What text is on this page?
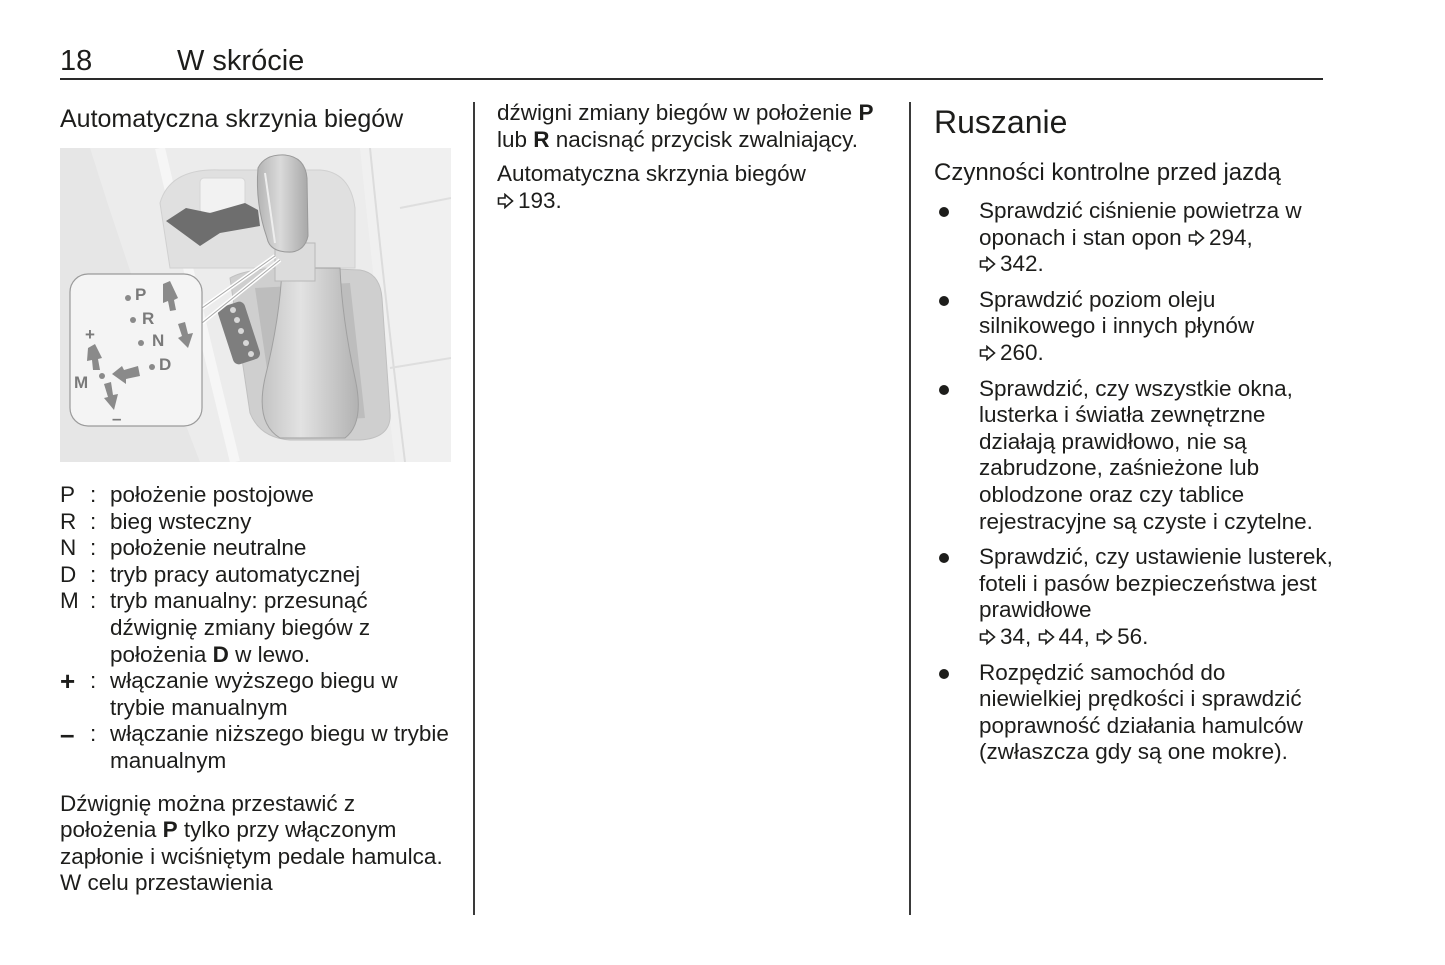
18	W skrócie
Automatyczna skrzynia biegów
P
R
N
D
M
+
–
P : położenie postojowe
R : bieg wsteczny
N : położenie neutralne
D : tryb pracy automatycznej
M : tryb manualny: przesunąć dźwignię zmiany biegów z położenia D w lewo.
+ : włączanie wyższego biegu w trybie manualnym
– : włączanie niższego biegu w trybie manualnym

Dźwignię można przestawić z położenia P tylko przy włączonym zapłonie i wciśniętym pedale hamulca. W celu przestawienia

dźwigni zmiany biegów w położenie P lub R nacisnąć przycisk zwalniający.

Automatyczna skrzynia biegów
193.

Ruszanie
Czynności kontrolne przed jazdą
Sprawdzić ciśnienie powietrza w oponach i stan opon 294,
342.
Sprawdzić poziom oleju silnikowego i innych płynów
260.
Sprawdzić, czy wszystkie okna, lusterka i światła zewnętrzne działają prawidłowo, nie są zabrudzone, zaśnieżone lub oblodzone oraz czy tablice rejestracyjne są czyste i czytelne.
Sprawdzić, czy ustawienie lusterek, foteli i pasów bezpieczeństwa jest prawidłowe
34, 44, 56.
Rozpędzić samochód do niewielkiej prędkości i sprawdzić poprawność działania hamulców (zwłaszcza gdy są one mokre).
